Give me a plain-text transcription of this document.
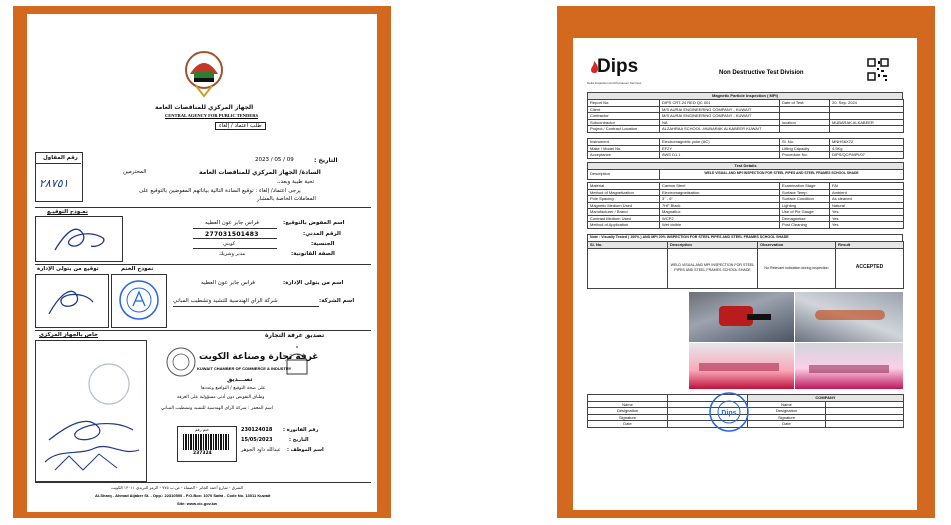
الجهاز المركزي للمناقصات العامة
CENTRAL AGENCY FOR PUBLIC TENDERS
طلب اعتماد / إلغاء
التاريخ :
2023 / 05 / 09
رقم المقاول
٢٨٧٥١
السادة/ الجهاز المركزي للمناقصات العامة
المحترمين
تحية طيبة وبعد،،
يرجى اعتماد/ إلغاء : توقيع السادة التالية بياناتهم المفوضين بالتوقيع على
المعاملات الخاصة بالمشار
نمـوذج التوقيـع
اسم المفوض بالتوقيع:
فراس جابر عون العطيه
الرقم المدني:
277031501483
الجنسية:
كويتي
الصفة القانونية:
مدير وشريك
توقيع من يتولى الإدارة	نموذج الختم
اسم من يتولى الإدارة:
فراس جابر عون العطيه
اسم الشركة:
شركة الراي الهندسية للتشيد وتشطيب المباني
خاص بالجهاز المركزي	تصديق غرفة التجارة
غرفة تجارة وصناعة الكويت
KUWAIT CHAMBER OF COMMERCE & INDUSTRY
تصـــديق
على صحة التوقيع / التواقيع وعددها
وطباق التفويض دون أدنى مسؤولية على الغرفة
اسم المعمر : شركة الراي الهندسية للتشيد وتشطيب المباني
رقم الفاتورة :
230124018
التاريخ :
15/05/2023
اسم الموظف :
عبدالله داود الجوهر
ختم رقم
237324
الشرق - شارع أحمد الجابر - الصفاة - ص.ب ٧٧٥ - الرمز البريدي ١٣٠١١ الكويت
Al-Sharq - Ahmad Aljaber St. - Opp.: 22310500 - P.O.Box: 1070 Safat - Code No. 13011 Kuwait
Site: www.cic.gov.kw
Dips
Delta Inspection And Petroleum Services
Non Destructive Test Division
Magnetic Particle Inspection ( MPI)
Report No:	DIPS CRT-24 RED QC 001	Date of Test:	20. Sep. 2024
Client	M/S AURAI ENGINEERING COMPANY - KUWAIT		
Contractor	M/S AURAI ENGINEERING COMPANY - KUWAIT		
Subcontractor	NA	location	MUBARAK ALKABEER
Project / Contract Location	ALZAHRAA SCHOOL -MUBARAK ALKABEER KUWAIT		
Instrument	Electromagnetic yoke (AC)	Sl. No.	MNHS6X72
Make / Model No.	EF2Y	Lifting Capacity	4.5Kg
Acceptance	AWS D1.1	Procedure No.	DIPS/QCP/MPI/07
Test Details
Description	WELD VISUAL AND MPI INSPECTION FOR STEEL PIPES AND STEEL FRAMES SCHOOL SHADE
Material	Carbon Steel	Examination Stage	FAI
Method of Magnetization	Electromagnetisation	Surface Temp.	Ambient
Pole Spacing	3" - 6"	Surface Condition	As cleaned
Magnetic Medium Used	7HF Black	Lighting	Natural
Manufacturer / Brand	Magnaflux	Use of Pie Gauge	Yes
Contrast Medium Used	WCP2	Demagnetize	Yes
Method of Application	Wet visible	Post Cleaning	Yes
Note : Visually Tested ( 100% ) AND MPI 20% INSPECTION FOR STEEL PIPES AND STEEL FRAMES SCHOOL SHADE
Sl. No.	Description	Observation	Result
	WELD VISUAL AND MPI INSPECTION FOR STEEL PIPES AND STEEL FRAMES SCHOOL SHADE	No Relevant indication during inspection	ACCEPTED
		COMPANY	
Name		Name	
Designation		Designation	
Signature		Signature	
Date		Date	
Dips
